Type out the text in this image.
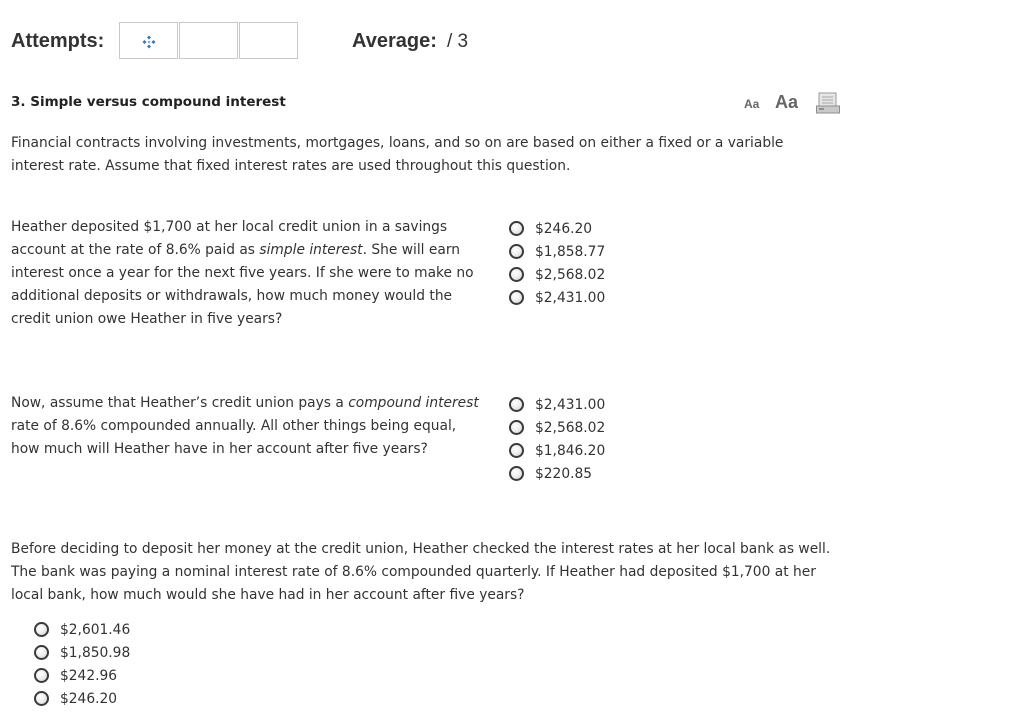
Attempts:	Average: / 3
3. Simple versus compound interest	Aa Aa
Financial contracts involving investments, mortgages, loans, and so on are based on either a fixed or a variable interest rate. Assume that fixed interest rates are used throughout this question.
Heather deposited $1,700 at her local credit union in a savings account at the rate of 8.6% paid as simple interest. She will earn interest once a year for the next five years. If she were to make no additional deposits or withdrawals, how much money would the credit union owe Heather in five years?
$246.20
$1,858.77
$2,568.02
$2,431.00
Now, assume that Heather’s credit union pays a compound interest rate of 8.6% compounded annually. All other things being equal, how much will Heather have in her account after five years?
$2,431.00
$2,568.02
$1,846.20
$220.85
Before deciding to deposit her money at the credit union, Heather checked the interest rates at her local bank as well. The bank was paying a nominal interest rate of 8.6% compounded quarterly. If Heather had deposited $1,700 at her local bank, how much would she have had in her account after five years?
$2,601.46
$1,850.98
$242.96
$246.20
